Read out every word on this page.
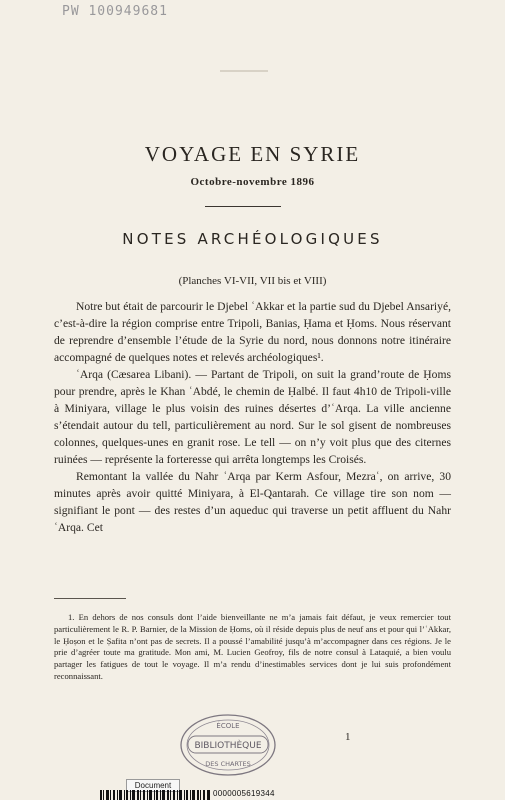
PW 100949681
VOYAGE EN SYRIE
Octobre-novembre 1896
NOTES ARCHÉOLOGIQUES
(Planches VI-VII, VII bis et VIII)

Notre but était de parcourir le Djebel ʿAkkar et la partie sud du Djebel Ansariyé, c’est-à-dire la région comprise entre Tripoli, Banias, Ḥama et Ḥoms. Nous réservant de reprendre d’ensemble l’étude de la Syrie du nord, nous donnons notre itinéraire accompagné de quelques notes et relevés archéologiques¹.

ʿArqa (Cæsarea Libani). — Partant de Tripoli, on suit la grand’route de Ḥoms pour prendre, après le Khan ʿAbdé, le chemin de Ḥalbé. Il faut 4h10 de Tripoli-ville à Miniyara, village le plus voisin des ruines désertes d’ʿArqa. La ville ancienne s’étendait autour du tell, particulièrement au nord. Sur le sol gisent de nombreuses colonnes, quelques-unes en granit rose. Le tell — on n’y voit plus que des citernes ruinées — représente la forteresse qui arrêta longtemps les Croisés.

Remontant la vallée du Nahr ʿArqa par Kerm Asfour, Mezraʿ, on arrive, 30 minutes après avoir quitté Miniyara, à El-Qantarah. Ce village tire son nom — signifiant le pont — des restes d’un aqueduc qui traverse un petit affluent du Nahr ʿArqa. Cet

1. En dehors de nos consuls dont l’aide bienveillante ne m’a jamais fait défaut, je veux remercier tout particulièrement le R. P. Barnier, de la Mission de Ḥoms, où il réside depuis plus de neuf ans et pour qui l’ʿAkkar, le Ḥoṣon et le Ṣafita n’ont pas de secrets. Il a poussé l’amabilité jusqu’à m’accompagner dans ces régions. Je le prie d’agréer toute ma gratitude. Mon ami, M. Lucien Geofroy, fils de notre consul à Lataquié, a bien voulu partager les fatigues de tout le voyage. Il m’a rendu d’inestimables services dont je lui suis profondément reconnaissant.

1
ÉCOLE
BIBLIOTHÈQUE
DES CHARTES
Document
0000005619344
